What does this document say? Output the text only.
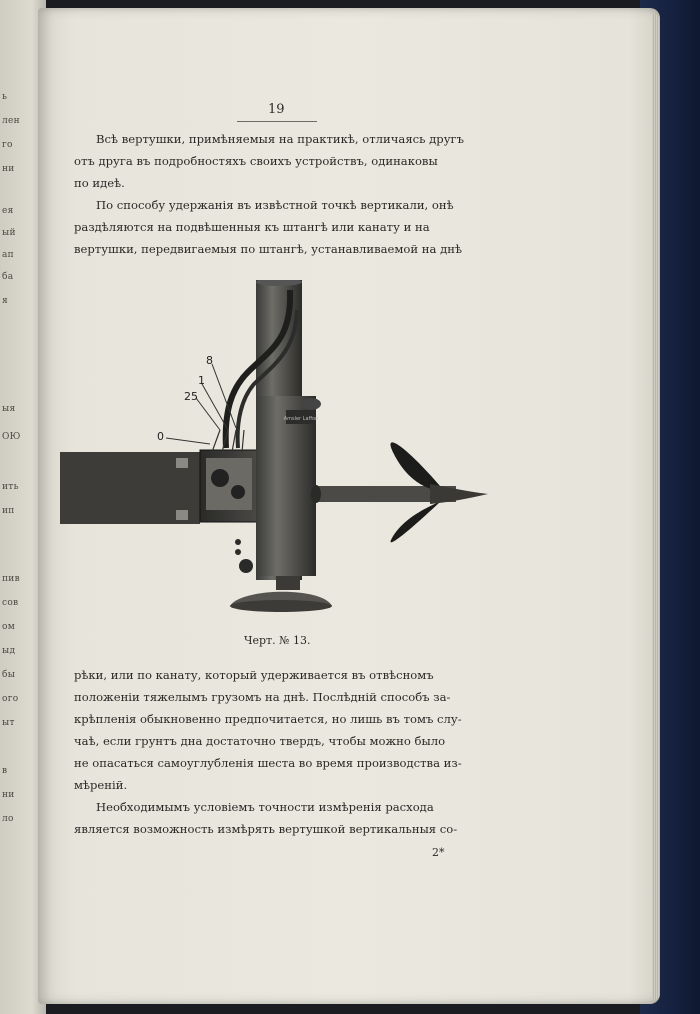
ь
лен
го
ни
ея
ый
ап
ба
я
ыя
ОЮ
ить
ип
пив
сов
ом
ыд
бы
ого
ыт
в
ни
ло
19
Всѣ вертушки, примѣняемыя на практикѣ, отличаясь другъ
отъ друга въ подробностяхъ своихъ устройствъ, одинаковы
по идеѣ.
По способу удержанія въ извѣстной точкѣ вертикали, онѣ
раздѣляются на подвѣшенныя къ штангѣ или канату и на
вертушки, передвигаемыя по штангѣ, устанавливаемой на днѣ
Amsler Laffon
8
1
25
0
Черт. № 13.
рѣки, или по канату, который удерживается въ отвѣсномъ
положеніи тяжелымъ грузомъ на днѣ. Послѣдній способъ за-
крѣпленія обыкновенно предпочитается, но лишь въ томъ слу-
чаѣ, если грунтъ дна достаточно твердъ, чтобы можно было
не опасаться самоуглубленія шеста во время производства из-
мѣреній.
Необходимымъ условіемъ точности измѣренія расхода
является возможность измѣрять вертушкой вертикальныя со-
2*
